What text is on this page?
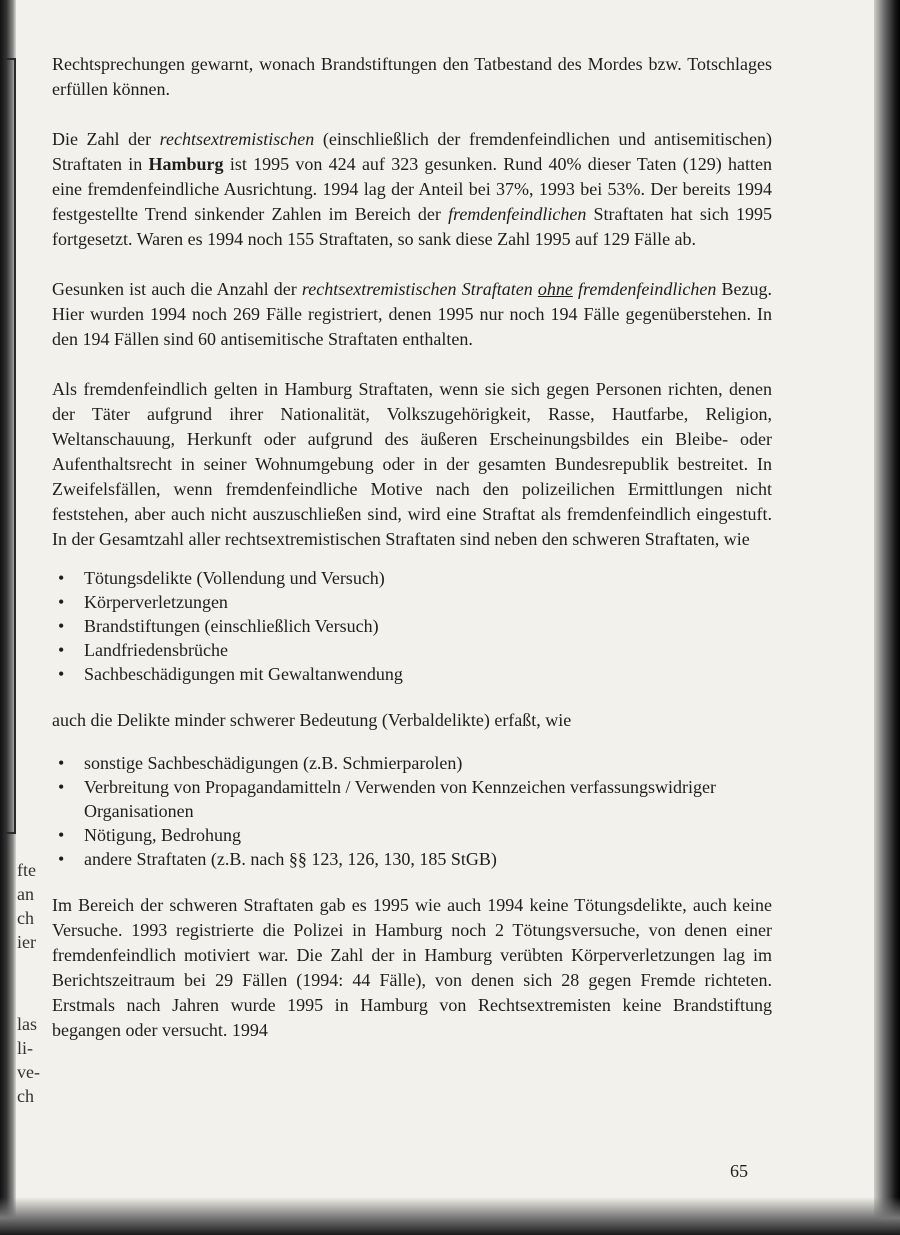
fte
an
ch
ier
las
li-
ve-
ch

Rechtsprechungen gewarnt, wonach Brandstiftungen den Tatbestand des Mordes bzw. Totschlages erfüllen können.

Die Zahl der rechtsextremistischen (einschließlich der fremdenfeindlichen und antisemitischen) Straftaten in Hamburg ist 1995 von 424 auf 323 gesunken. Rund 40% dieser Taten (129) hatten eine fremdenfeindliche Ausrichtung. 1994 lag der Anteil bei 37%, 1993 bei 53%. Der bereits 1994 festgestellte Trend sinkender Zahlen im Bereich der fremdenfeindlichen Straftaten hat sich 1995 fortgesetzt. Waren es 1994 noch 155 Straftaten, so sank diese Zahl 1995 auf 129 Fälle ab.

Gesunken ist auch die Anzahl der rechtsextremistischen Straftaten ohne fremdenfeindlichen Bezug. Hier wurden 1994 noch 269 Fälle registriert, denen 1995 nur noch 194 Fälle gegenüberstehen. In den 194 Fällen sind 60 antisemitische Straftaten enthalten.

Als fremdenfeindlich gelten in Hamburg Straftaten, wenn sie sich gegen Personen richten, denen der Täter aufgrund ihrer Nationalität, Volkszugehörigkeit, Rasse, Hautfarbe, Religion, Weltanschauung, Herkunft oder aufgrund des äußeren Erscheinungsbildes ein Bleibe- oder Aufenthaltsrecht in seiner Wohnumgebung oder in der gesamten Bundesrepublik bestreitet. In Zweifelsfällen, wenn fremdenfeindliche Motive nach den polizeilichen Ermittlungen nicht feststehen, aber auch nicht auszuschließen sind, wird eine Straftat als fremdenfeindlich eingestuft. In der Gesamtzahl aller rechtsextremistischen Straftaten sind neben den schweren Straftaten, wie

• Tötungsdelikte (Vollendung und Versuch)
• Körperverletzungen
• Brandstiftungen (einschließlich Versuch)
• Landfriedensbrüche
• Sachbeschädigungen mit Gewaltanwendung

auch die Delikte minder schwerer Bedeutung (Verbaldelikte) erfaßt, wie

• sonstige Sachbeschädigungen (z.B. Schmierparolen)
• Verbreitung von Propagandamitteln / Verwenden von Kennzeichen verfassungswidriger Organisationen
• Nötigung, Bedrohung
• andere Straftaten (z.B. nach §§ 123, 126, 130, 185 StGB)

Im Bereich der schweren Straftaten gab es 1995 wie auch 1994 keine Tötungsdelikte, auch keine Versuche. 1993 registrierte die Polizei in Hamburg noch 2 Tötungsversuche, von denen einer fremdenfeindlich motiviert war. Die Zahl der in Hamburg verübten Körperverletzungen lag im Berichtszeitraum bei 29 Fällen (1994: 44 Fälle), von denen sich 28 gegen Fremde richteten. Erstmals nach Jahren wurde 1995 in Hamburg von Rechtsextremisten keine Brandstiftung begangen oder versucht. 1994

65
